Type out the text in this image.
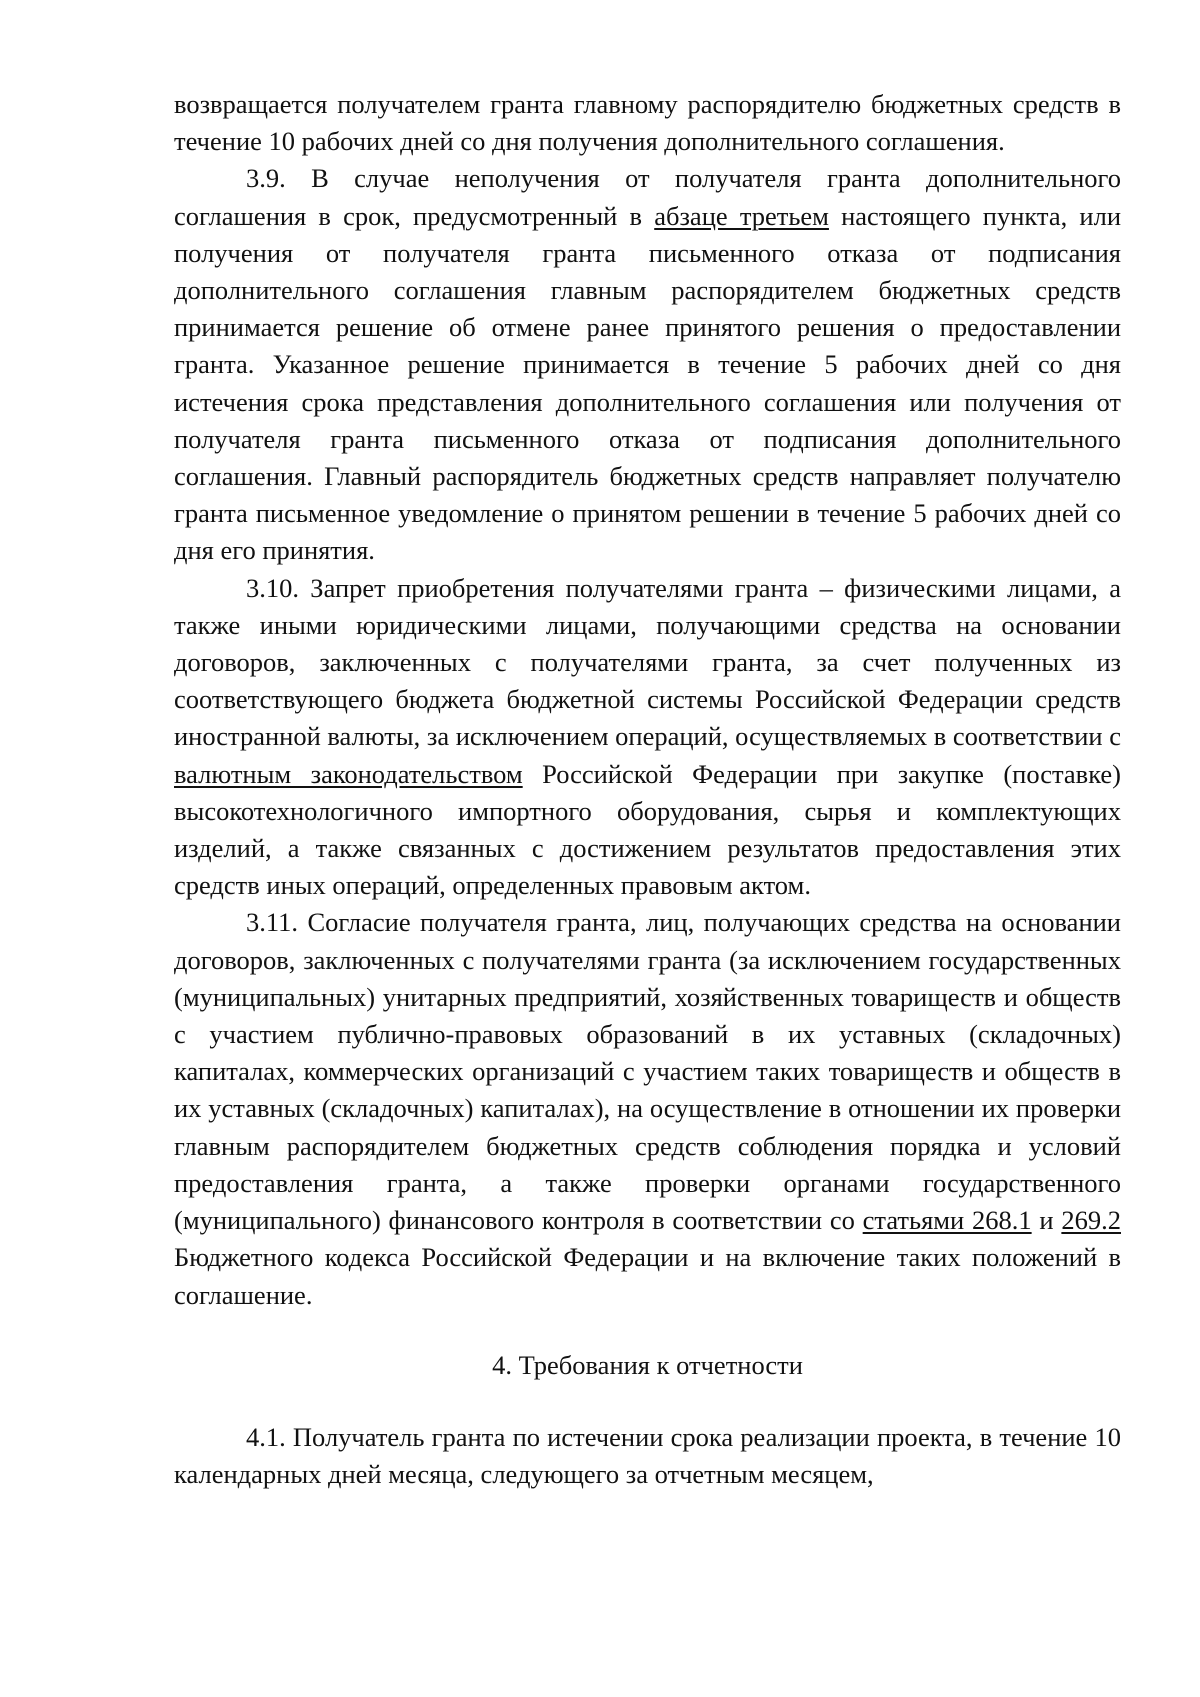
возвращается получателем гранта главному распорядителю бюджетных средств в течение 10 рабочих дней со дня получения дополнительного соглашения.

3.9. В случае неполучения от получателя гранта дополнительного соглашения в срок, предусмотренный в абзаце третьем настоящего пункта, или получения от получателя гранта письменного отказа от подписания дополнительного соглашения главным распорядителем бюджетных средств принимается решение об отмене ранее принятого решения о предоставлении гранта. Указанное решение принимается в течение 5 рабочих дней со дня истечения срока представления дополнительного соглашения или получения от получателя гранта письменного отказа от подписания дополнительного соглашения. Главный распорядитель бюджетных средств направляет получателю гранта письменное уведомление о принятом решении в течение 5 рабочих дней со дня его принятия.

3.10. Запрет приобретения получателями гранта – физическими лицами, а также иными юридическими лицами, получающими средства на основании договоров, заключенных с получателями гранта, за счет полученных из соответствующего бюджета бюджетной системы Российской Федерации средств иностранной валюты, за исключением операций, осуществляемых в соответствии с валютным законодательством Российской Федерации при закупке (поставке) высокотехнологичного импортного оборудования, сырья и комплектующих изделий, а также связанных с достижением результатов предоставления этих средств иных операций, определенных правовым актом.

3.11. Согласие получателя гранта, лиц, получающих средства на основании договоров, заключенных с получателями гранта (за исключением государственных (муниципальных) унитарных предприятий, хозяйственных товариществ и обществ с участием публично-правовых образований в их уставных (складочных) капиталах, коммерческих организаций с участием таких товариществ и обществ в их уставных (складочных) капиталах), на осуществление в отношении их проверки главным распорядителем бюджетных средств соблюдения порядка и условий предоставления гранта, а также проверки органами государственного (муниципального) финансового контроля в соответствии со статьями 268.1 и 269.2 Бюджетного кодекса Российской Федерации и на включение таких положений в соглашение.

4. Требования к отчетности

4.1. Получатель гранта по истечении срока реализации проекта, в течение 10 календарных дней месяца, следующего за отчетным месяцем,
